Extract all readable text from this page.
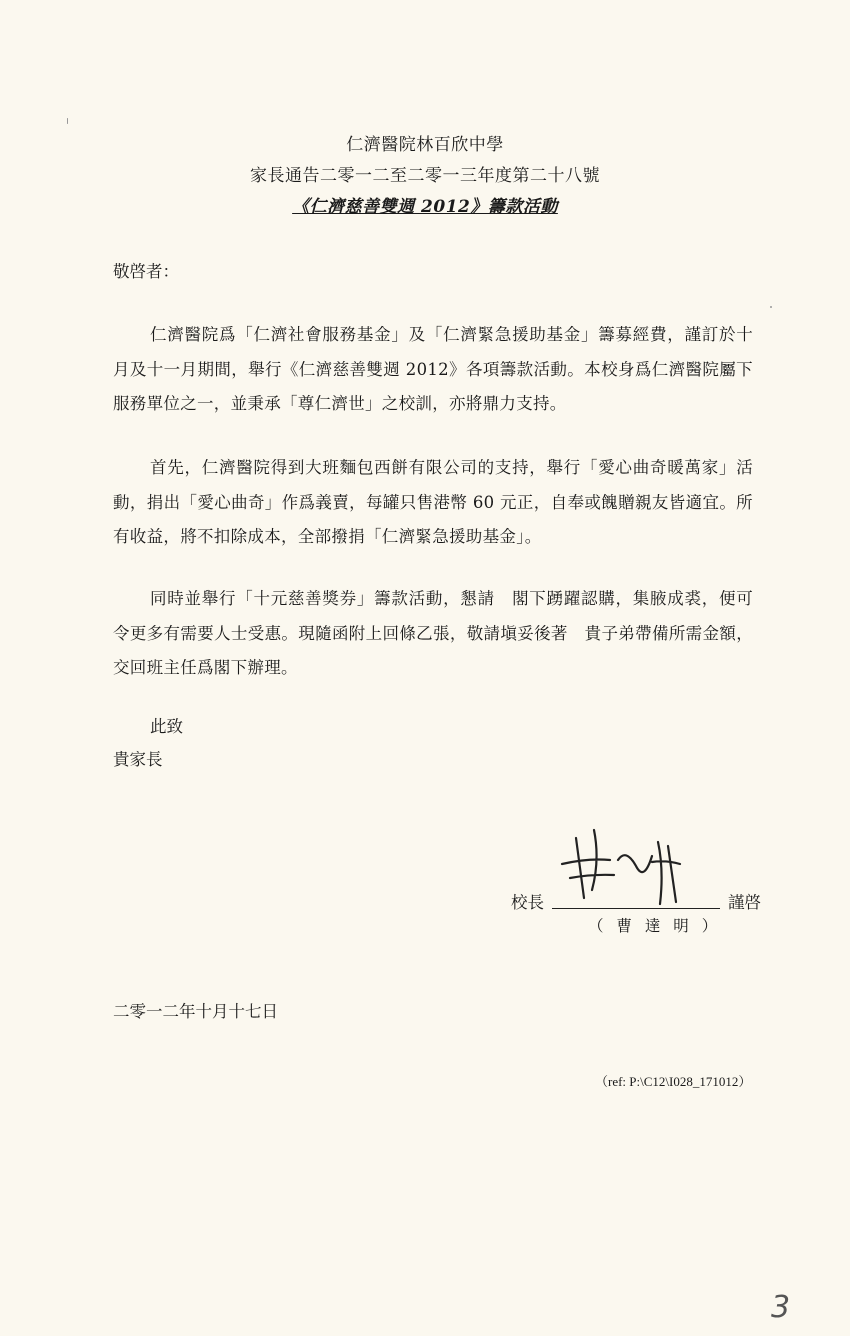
仁濟醫院林百欣中學
家長通告二零一二至二零一三年度第二十八號
《仁濟慈善雙週 2012》籌款活動
敬啓者：
仁濟醫院爲「仁濟社會服務基金」及「仁濟緊急援助基金」籌募經費，謹訂於十月及十一月期間，舉行《仁濟慈善雙週 2012》各項籌款活動。本校身爲仁濟醫院屬下服務單位之一，並秉承「尊仁濟世」之校訓，亦將鼎力支持。
首先，仁濟醫院得到大班麵包西餅有限公司的支持，舉行「愛心曲奇暖萬家」活動，捐出「愛心曲奇」作爲義賣，每罐只售港幣 60 元正，自奉或餽贈親友皆適宜。所有收益，將不扣除成本，全部撥捐「仁濟緊急援助基金」。
同時並舉行「十元慈善獎券」籌款活動，懇請　閣下踴躍認購，集腋成裘，便可令更多有需要人士受惠。現隨函附上回條乙張，敬請塡妥後著　貴子弟帶備所需金額，交回班主任爲閣下辦理。
此致
貴家長
校長	謹啓
（ 曹 達 明 ）
二零一二年十月十七日
（ref: P:\C12\I028_171012）
3
